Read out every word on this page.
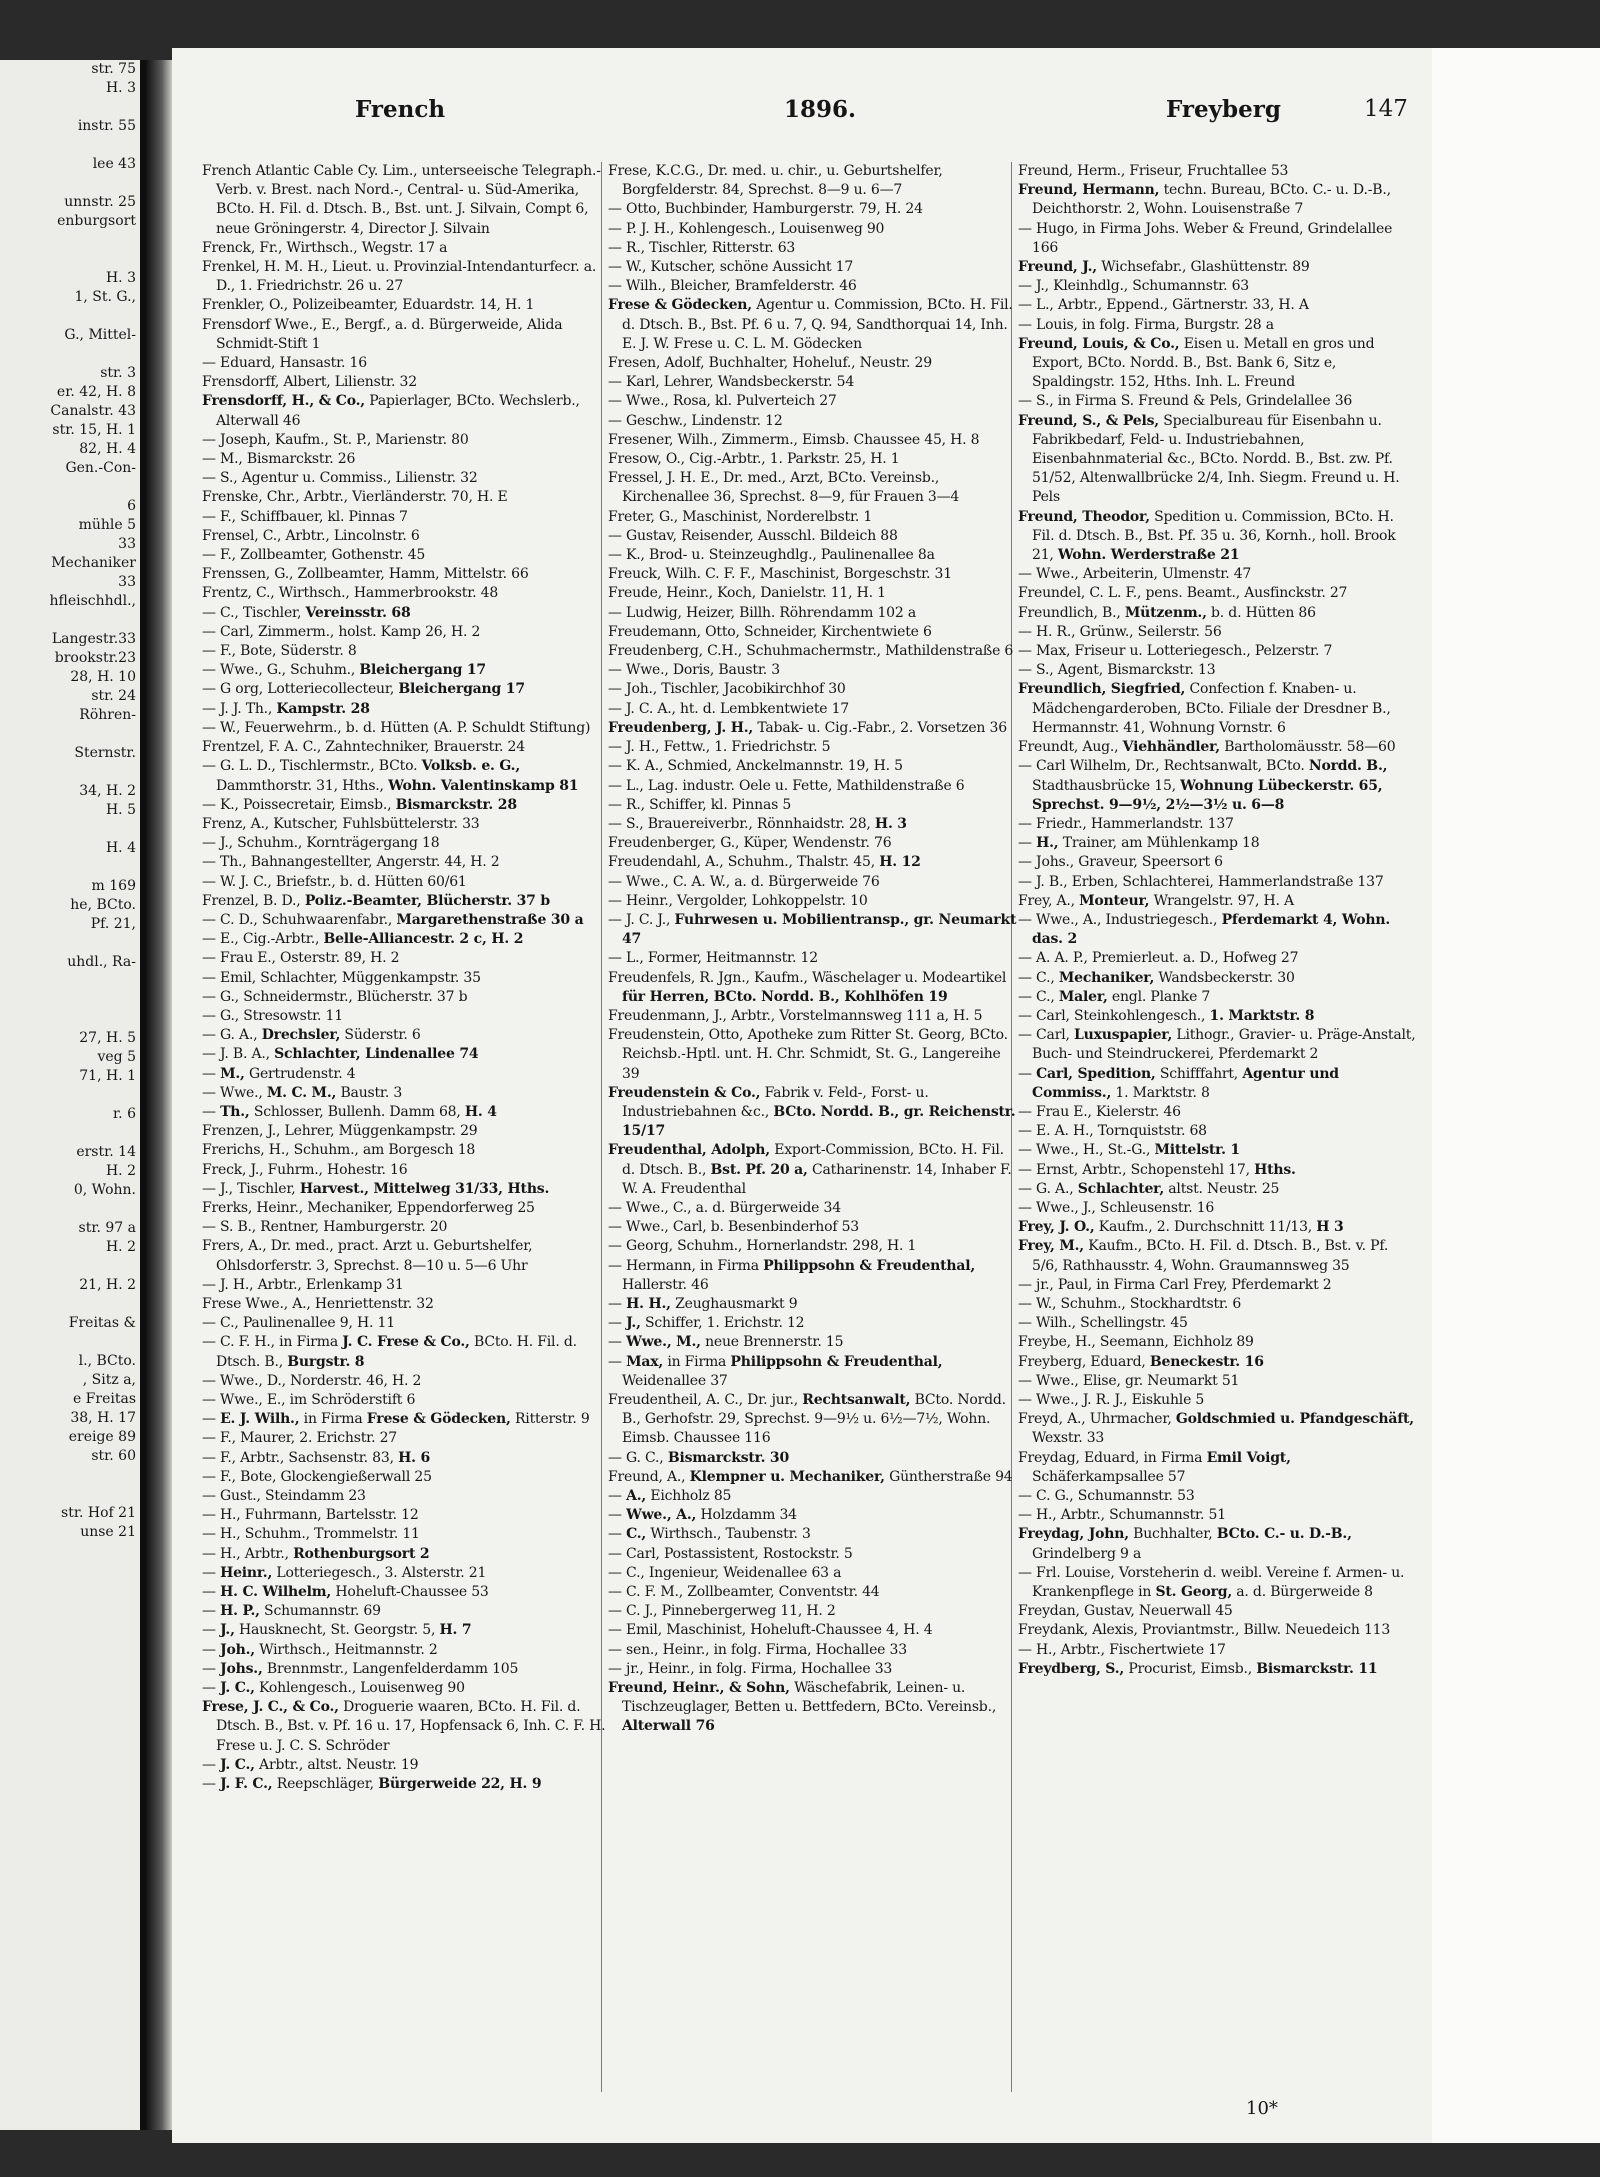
str. 75
H. 3
instr. 55
lee 43
unnstr. 25
enburgsort
H. 3
1, St. G.,
G., Mittel-
str. 3
er. 42, H. 8
Canalstr. 43
str. 15, H. 1
82, H. 4
Gen.-Con-
6
mühle 5
33
Mechaniker
33
hfleischhdl.,
Langestr.33
brookstr.23
28, H. 10
str. 24
Röhren-
Sternstr.
34, H. 2
H. 5
H. 4
m 169
he, BCto.
Pf. 21,
uhdl., Ra-
27, H. 5
veg 5
71, H. 1
r. 6
erstr. 14
H. 2
0, Wohn.
str. 97 a
H. 2
21, H. 2
Freitas &
l., BCto.
, Sitz a,
e Freitas
38, H. 17
ereige 89
str. 60
str. Hof 21
unse 21
French	1896.	Freyberg	147
French Atlantic Cable Cy. Lim., unterseeische Telegraph.-Verb. v. Brest. nach Nord.-, Central- u. Süd-Amerika, BCto. H. Fil. d. Dtsch. B., Bst. unt. J. Silvain, Compt 6, neue Gröningerstr. 4, Director J. Silvain
Frenck, Fr., Wirthsch., Wegstr. 17 a
Frenkel, H. M. H., Lieut. u. Provinzial-Intendanturfecr. a. D., 1. Friedrichstr. 26 u. 27
Frenkler, O., Polizeibeamter, Eduardstr. 14, H. 1
Frensdorf Wwe., E., Bergf., a. d. Bürgerweide, Alida Schmidt-Stift 1
— Eduard, Hansastr. 16
Frensdorff, Albert, Lilienstr. 32
Frensdorff, H., & Co., Papierlager, BCto. Wechslerb., Alterwall 46
— Joseph, Kaufm., St. P., Marienstr. 80
— M., Bismarckstr. 26
— S., Agentur u. Commiss., Lilienstr. 32
Frenske, Chr., Arbtr., Vierländerstr. 70, H. E
— F., Schiffbauer, kl. Pinnas 7
Frensel, C., Arbtr., Lincolnstr. 6
— F., Zollbeamter, Gothenstr. 45
Frenssen, G., Zollbeamter, Hamm, Mittelstr. 66
Frentz, C., Wirthsch., Hammerbrookstr. 48
— C., Tischler, Vereinsstr. 68
— Carl, Zimmerm., holst. Kamp 26, H. 2
— F., Bote, Süderstr. 8
— Wwe., G., Schuhm., Bleichergang 17
— G org, Lotteriecollecteur, Bleichergang 17
— J. J. Th., Kampstr. 28
— W., Feuerwehrm., b. d. Hütten (A. P. Schuldt Stiftung)
Frentzel, F. A. C., Zahntechniker, Brauerstr. 24
— G. L. D., Tischlermstr., BCto. Volksb. e. G., Dammthorstr. 31, Hths., Wohn. Valentinskamp 81
— K., Poissecretair, Eimsb., Bismarckstr. 28
Frenz, A., Kutscher, Fuhlsbüttelerstr. 33
— J., Schuhm., Kornträgergang 18
— Th., Bahnangestellter, Angerstr. 44, H. 2
— W. J. C., Briefstr., b. d. Hütten 60/61
Frenzel, B. D., Poliz.-Beamter, Blücherstr. 37 b
— C. D., Schuhwaarenfabr., Margarethenstraße 30 a
— E., Cig.-Arbtr., Belle-Alliancestr. 2 c, H. 2
— Frau E., Osterstr. 89, H. 2
— Emil, Schlachter, Müggenkampstr. 35
— G., Schneidermstr., Blücherstr. 37 b
— G., Stresowstr. 11
— G. A., Drechsler, Süderstr. 6
— J. B. A., Schlachter, Lindenallee 74
— M., Gertrudenstr. 4
— Wwe., M. C. M., Baustr. 3
— Th., Schlosser, Bullenh. Damm 68, H. 4
Frenzen, J., Lehrer, Müggenkampstr. 29
Frerichs, H., Schuhm., am Borgesch 18
Freck, J., Fuhrm., Hohestr. 16
— J., Tischler, Harvest., Mittelweg 31/33, Hths.
Frerks, Heinr., Mechaniker, Eppendorferweg 25
— S. B., Rentner, Hamburgerstr. 20
Frers, A., Dr. med., pract. Arzt u. Geburtshelfer, Ohlsdorferstr. 3, Sprechst. 8—10 u. 5—6 Uhr
— J. H., Arbtr., Erlenkamp 31
Frese Wwe., A., Henriettenstr. 32
— C., Paulinenallee 9, H. 11
— C. F. H., in Firma J. C. Frese & Co., BCto. H. Fil. d. Dtsch. B., Burgstr. 8
— Wwe., D., Norderstr. 46, H. 2
— Wwe., E., im Schröderstift 6
— E. J. Wilh., in Firma Frese & Gödecken, Ritterstr. 9
— F., Maurer, 2. Erichstr. 27
— F., Arbtr., Sachsenstr. 83, H. 6
— F., Bote, Glockengießerwall 25
— Gust., Steindamm 23
— H., Fuhrmann, Bartelsstr. 12
— H., Schuhm., Trommelstr. 11
— H., Arbtr., Rothenburgsort 2
— Heinr., Lotteriegesch., 3. Alsterstr. 21
— H. C. Wilhelm, Hoheluft-Chaussee 53
— H. P., Schumannstr. 69
— J., Hausknecht, St. Georgstr. 5, H. 7
— Joh., Wirthsch., Heitmannstr. 2
— Johs., Brennmstr., Langenfelderdamm 105
— J. C., Kohlengesch., Louisenweg 90
Frese, J. C., & Co., Droguerie waaren, BCto. H. Fil. d. Dtsch. B., Bst. v. Pf. 16 u. 17, Hopfensack 6, Inh. C. F. H. Frese u. J. C. S. Schröder
— J. C., Arbtr., altst. Neustr. 19
— J. F. C., Reepschläger, Bürgerweide 22, H. 9
Frese, K.C.G., Dr. med. u. chir., u. Geburtshelfer, Borgfelderstr. 84, Sprechst. 8—9 u. 6—7
— Otto, Buchbinder, Hamburgerstr. 79, H. 24
— P. J. H., Kohlengesch., Louisenweg 90
— R., Tischler, Ritterstr. 63
— W., Kutscher, schöne Aussicht 17
— Wilh., Bleicher, Bramfelderstr. 46
Frese & Gödecken, Agentur u. Commission, BCto. H. Fil. d. Dtsch. B., Bst. Pf. 6 u. 7, Q. 94, Sandthorquai 14, Inh. E. J. W. Frese u. C. L. M. Gödecken
Fresen, Adolf, Buchhalter, Hoheluf., Neustr. 29
— Karl, Lehrer, Wandsbeckerstr. 54
— Wwe., Rosa, kl. Pulverteich 27
— Geschw., Lindenstr. 12
Fresener, Wilh., Zimmerm., Eimsb. Chaussee 45, H. 8
Fresow, O., Cig.-Arbtr., 1. Parkstr. 25, H. 1
Fressel, J. H. E., Dr. med., Arzt, BCto. Vereinsb., Kirchenallee 36, Sprechst. 8—9, für Frauen 3—4
Freter, G., Maschinist, Norderelbstr. 1
— Gustav, Reisender, Ausschl. Bildeich 88
— K., Brod- u. Steinzeughdlg., Paulinenallee 8a
Freuck, Wilh. C. F. F., Maschinist, Borgeschstr. 31
Freude, Heinr., Koch, Danielstr. 11, H. 1
— Ludwig, Heizer, Billh. Röhrendamm 102 a
Freudemann, Otto, Schneider, Kirchentwiete 6
Freudenberg, C.H., Schuhmachermstr., Mathildenstraße 6
— Wwe., Doris, Baustr. 3
— Joh., Tischler, Jacobikirchhof 30
— J. C. A., ht. d. Lembkentwiete 17
Freudenberg, J. H., Tabak- u. Cig.-Fabr., 2. Vorsetzen 36
— J. H., Fettw., 1. Friedrichstr. 5
— K. A., Schmied, Anckelmannstr. 19, H. 5
— L., Lag. industr. Oele u. Fette, Mathildenstraße 6
— R., Schiffer, kl. Pinnas 5
— S., Brauereiverbr., Rönnhaidstr. 28, H. 3
Freudenberger, G., Küper, Wendenstr. 76
Freudendahl, A., Schuhm., Thalstr. 45, H. 12
— Wwe., C. A. W., a. d. Bürgerweide 76
— Heinr., Vergolder, Lohkoppelstr. 10
— J. C. J., Fuhrwesen u. Mobilientransp., gr. Neumarkt 47
— L., Former, Heitmannstr. 12
Freudenfels, R. Jgn., Kaufm., Wäschelager u. Modeartikel für Herren, BCto. Nordd. B., Kohlhöfen 19
Freudenmann, J., Arbtr., Vorstelmannsweg 111 a, H. 5
Freudenstein, Otto, Apotheke zum Ritter St. Georg, BCto. Reichsb.-Hptl. unt. H. Chr. Schmidt, St. G., Langereihe 39
Freudenstein & Co., Fabrik v. Feld-, Forst- u. Industriebahnen &c., BCto. Nordd. B., gr. Reichenstr. 15/17
Freudenthal, Adolph, Export-Commission, BCto. H. Fil. d. Dtsch. B., Bst. Pf. 20 a, Catharinenstr. 14, Inhaber F. W. A. Freudenthal
— Wwe., C., a. d. Bürgerweide 34
— Wwe., Carl, b. Besenbinderhof 53
— Georg, Schuhm., Hornerlandstr. 298, H. 1
— Hermann, in Firma Philippsohn & Freudenthal, Hallerstr. 46
— H. H., Zeughausmarkt 9
— J., Schiffer, 1. Erichstr. 12
— Wwe., M., neue Brennerstr. 15
— Max, in Firma Philippsohn & Freudenthal, Weidenallee 37
Freudentheil, A. C., Dr. jur., Rechtsanwalt, BCto. Nordd. B., Gerhofstr. 29, Sprechst. 9—9½ u. 6½—7½, Wohn. Eimsb. Chaussee 116
— G. C., Bismarckstr. 30
Freund, A., Klempner u. Mechaniker, Güntherstraße 94
— A., Eichholz 85
— Wwe., A., Holzdamm 34
— C., Wirthsch., Taubenstr. 3
— Carl, Postassistent, Rostockstr. 5
— C., Ingenieur, Weidenallee 63 a
— C. F. M., Zollbeamter, Conventstr. 44
— C. J., Pinnebergerweg 11, H. 2
— Emil, Maschinist, Hoheluft-Chaussee 4, H. 4
— sen., Heinr., in folg. Firma, Hochallee 33
— jr., Heinr., in folg. Firma, Hochallee 33
Freund, Heinr., & Sohn, Wäschefabrik, Leinen- u. Tischzeuglager, Betten u. Bettfedern, BCto. Vereinsb., Alterwall 76
Freund, Herm., Friseur, Fruchtallee 53
Freund, Hermann, techn. Bureau, BCto. C.- u. D.-B., Deichthorstr. 2, Wohn. Louisenstraße 7
— Hugo, in Firma Johs. Weber & Freund, Grindelallee 166
Freund, J., Wichsefabr., Glashüttenstr. 89
— J., Kleinhdlg., Schumannstr. 63
— L., Arbtr., Eppend., Gärtnerstr. 33, H. A
— Louis, in folg. Firma, Burgstr. 28 a
Freund, Louis, & Co., Eisen u. Metall en gros und Export, BCto. Nordd. B., Bst. Bank 6, Sitz e, Spaldingstr. 152, Hths. Inh. L. Freund
— S., in Firma S. Freund & Pels, Grindelallee 36
Freund, S., & Pels, Specialbureau für Eisenbahn u. Fabrikbedarf, Feld- u. Industriebahnen, Eisenbahnmaterial &c., BCto. Nordd. B., Bst. zw. Pf. 51/52, Altenwallbrücke 2/4, Inh. Siegm. Freund u. H. Pels
Freund, Theodor, Spedition u. Commission, BCto. H. Fil. d. Dtsch. B., Bst. Pf. 35 u. 36, Kornh., holl. Brook 21, Wohn. Werderstraße 21
— Wwe., Arbeiterin, Ulmenstr. 47
Freundel, C. L. F., pens. Beamt., Ausfinckstr. 27
Freundlich, B., Mützenm., b. d. Hütten 86
— H. R., Grünw., Seilerstr. 56
— Max, Friseur u. Lotteriegesch., Pelzerstr. 7
— S., Agent, Bismarckstr. 13
Freundlich, Siegfried, Confection f. Knaben- u. Mädchengarderoben, BCto. Filiale der Dresdner B., Hermannstr. 41, Wohnung Vornstr. 6
Freundt, Aug., Viehhändler, Bartholomäusstr. 58—60
— Carl Wilhelm, Dr., Rechtsanwalt, BCto. Nordd. B., Stadthausbrücke 15, Wohnung Lübeckerstr. 65, Sprechst. 9—9½, 2½—3½ u. 6—8
— Friedr., Hammerlandstr. 137
— H., Trainer, am Mühlenkamp 18
— Johs., Graveur, Speersort 6
— J. B., Erben, Schlachterei, Hammerlandstraße 137
Frey, A., Monteur, Wrangelstr. 97, H. A
— Wwe., A., Industriegesch., Pferdemarkt 4, Wohn. das. 2
— A. A. P., Premierleut. a. D., Hofweg 27
— C., Mechaniker, Wandsbeckerstr. 30
— C., Maler, engl. Planke 7
— Carl, Steinkohlengesch., 1. Marktstr. 8
— Carl, Luxuspapier, Lithogr., Gravier- u. Präge-Anstalt, Buch- und Steindruckerei, Pferdemarkt 2
— Carl, Spedition, Schifffahrt, Agentur und Commiss., 1. Marktstr. 8
— Frau E., Kielerstr. 46
— E. A. H., Tornquiststr. 68
— Wwe., H., St.-G., Mittelstr. 1
— Ernst, Arbtr., Schopenstehl 17, Hths.
— G. A., Schlachter, altst. Neustr. 25
— Wwe., J., Schleusenstr. 16
Frey, J. O., Kaufm., 2. Durchschnitt 11/13, H 3
Frey, M., Kaufm., BCto. H. Fil. d. Dtsch. B., Bst. v. Pf. 5/6, Rathhausstr. 4, Wohn. Graumannsweg 35
— jr., Paul, in Firma Carl Frey, Pferdemarkt 2
— W., Schuhm., Stockhardtstr. 6
— Wilh., Schellingstr. 45
Freybe, H., Seemann, Eichholz 89
Freyberg, Eduard, Beneckestr. 16
— Wwe., Elise, gr. Neumarkt 51
— Wwe., J. R. J., Eiskuhle 5
Freyd, A., Uhrmacher, Goldschmied u. Pfandgeschäft, Wexstr. 33
Freydag, Eduard, in Firma Emil Voigt, Schäferkampsallee 57
— C. G., Schumannstr. 53
— H., Arbtr., Schumannstr. 51
Freydag, John, Buchhalter, BCto. C.- u. D.-B., Grindelberg 9 a
— Frl. Louise, Vorsteherin d. weibl. Vereine f. Armen- u. Krankenpflege in St. Georg, a. d. Bürgerweide 8
Freydan, Gustav, Neuerwall 45
Freydank, Alexis, Proviantmstr., Billw. Neuedeich 113
— H., Arbtr., Fischertwiete 17
Freydberg, S., Procurist, Eimsb., Bismarckstr. 11
10*
